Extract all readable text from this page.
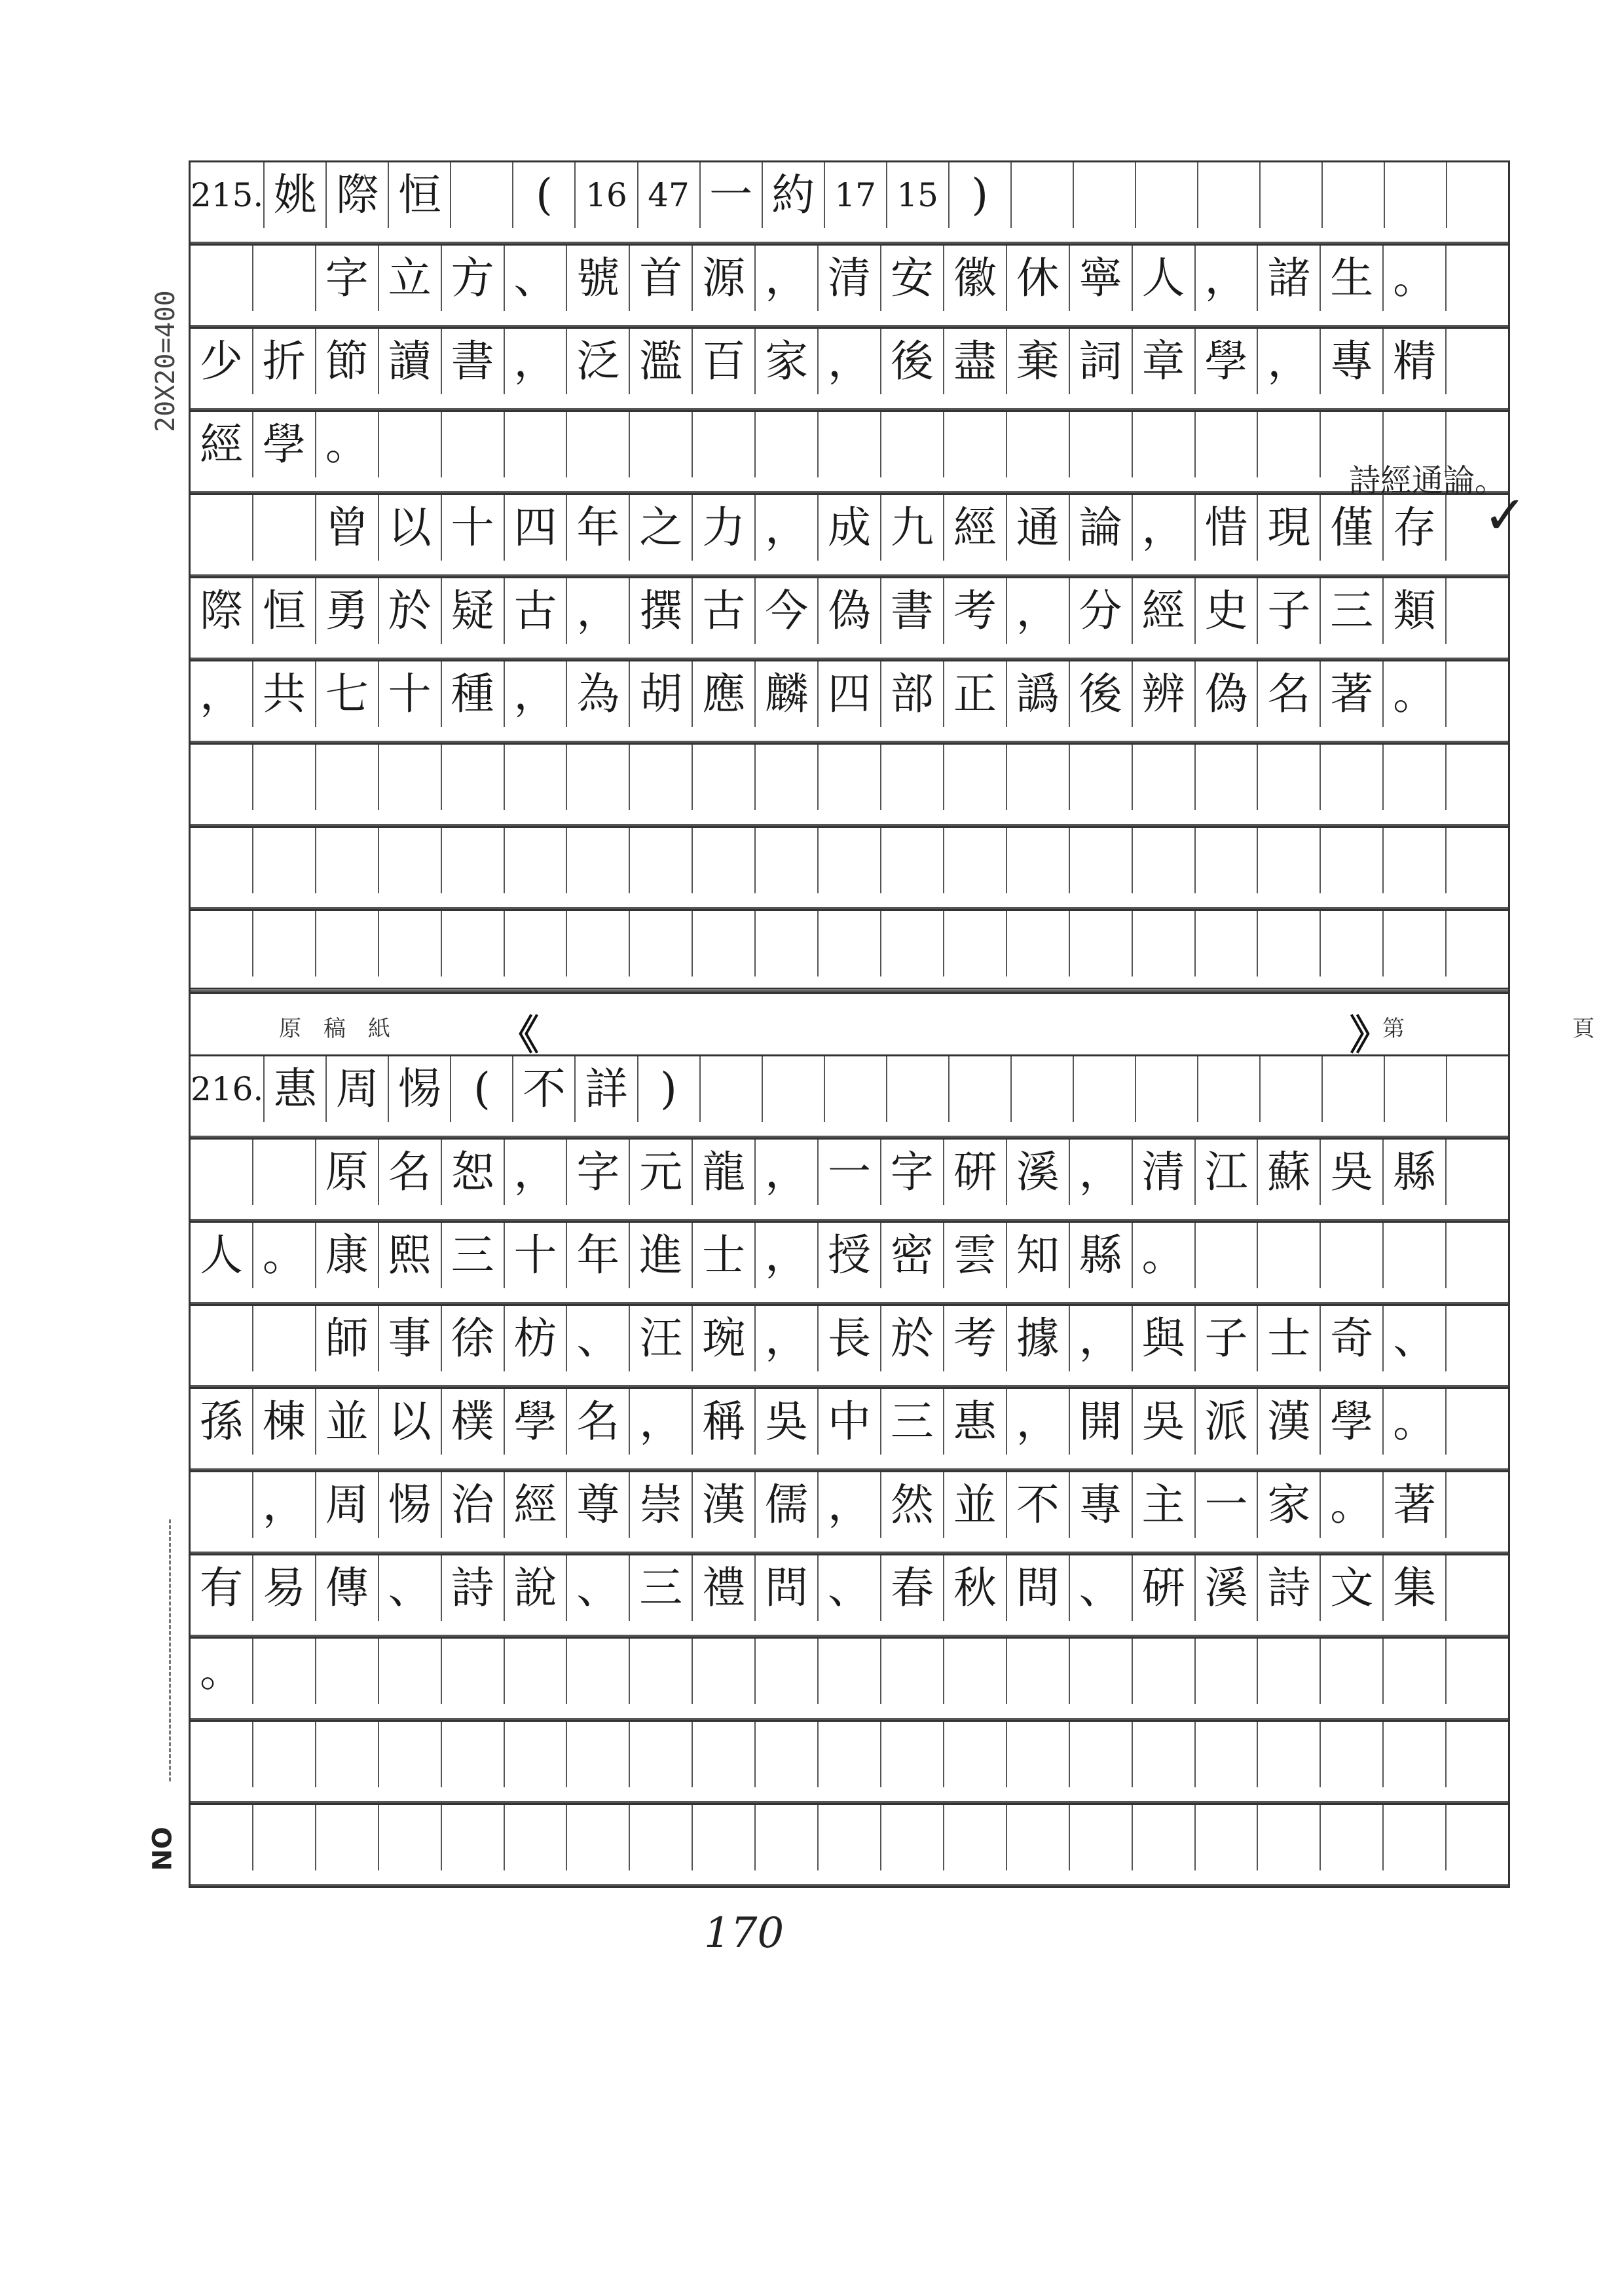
20X20=400
NO
215. 姚 際 恒	(	16 47 一 約 17 15 )
字 立 方 、 號 首 源 ， 清 安 徽 休 寧 人 ， 諸 生 。
少 折 節 讀 書 ， 泛 濫 百 家 ， 後 盡 棄 詞 章 學 ， 專 精
經 學 。
曾 以 十 四 年 之 力 ， 成 九 經 通 論 ， 惜 現 僅 存
際 恒 勇 於 疑 古 ， 撰 古 今 偽 書 考 ， 分 經 史 子 三 類
， 共 七 十 種 ， 為 胡 應 麟 四 部 正 譌 後 辨 偽 名 著 。
原稿紙 《	》
第	頁
216. 惠 周 惕 ( 不 詳 )
原 名 恕 ， 字 元 龍 ， 一 字 硏 溪 ， 清 江 蘇 吳 縣
人 。 康 熙 三 十 年 進 士 ， 授 密 雲 知 縣 。
師 事 徐 枋 、 汪 琬 ， 長 於 考 據 ， 與 子 士 奇 、
孫 棟 並 以 樸 學 名 ， 稱 吳 中 三 惠 ， 開 吳 派 漢 學 。
， 周 惕 治 經 尊 崇 漢 儒 ， 然 並 不 專 主 一 家 。 著
有 易 傳 、 詩 說 、 三 禮 問 、 春 秋 問 、 硏 溪 詩 文 集
。
詩經通論。
✓
170
